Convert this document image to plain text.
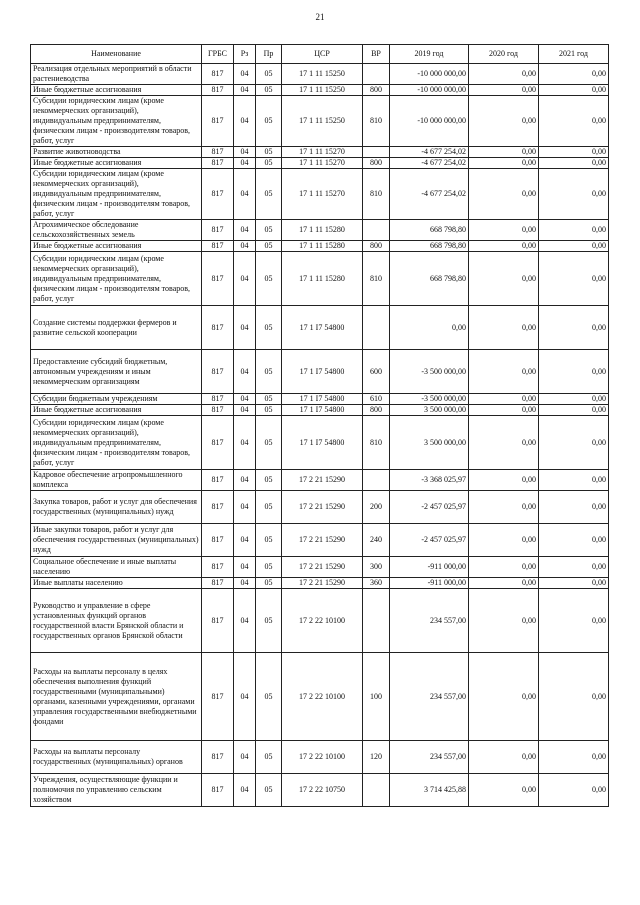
21
Наименование	ГРБС	Рз	Пр	ЦСР	ВР	2019 год	2020 год	2021 год
Реализация отдельных мероприятий в области растениеводства	817	04	05	17 1 11 15250		-10 000 000,00	0,00	0,00
Иные бюджетные ассигнования	817	04	05	17 1 11 15250	800	-10 000 000,00	0,00	0,00
Субсидии юридическим лицам (кроме некоммерческих организаций), индивидуальным предпринимателям, физическим лицам - производителям товаров, работ, услуг	817	04	05	17 1 11 15250	810	-10 000 000,00	0,00	0,00
Развитие животноводства	817	04	05	17 1 11 15270		-4 677 254,02	0,00	0,00
Иные бюджетные ассигнования	817	04	05	17 1 11 15270	800	-4 677 254,02	0,00	0,00
Субсидии юридическим лицам (кроме некоммерческих организаций), индивидуальным предпринимателям, физическим лицам - производителям товаров, работ, услуг	817	04	05	17 1 11 15270	810	-4 677 254,02	0,00	0,00
Агрохимическое обследование сельскохозяйственных земель	817	04	05	17 1 11 15280		668 798,80	0,00	0,00
Иные бюджетные ассигнования	817	04	05	17 1 11 15280	800	668 798,80	0,00	0,00
Субсидии юридическим лицам (кроме некоммерческих организаций), индивидуальным предпринимателям, физическим лицам - производителям товаров, работ, услуг	817	04	05	17 1 11 15280	810	668 798,80	0,00	0,00
Создание системы поддержки фермеров и развитие сельской кооперации	817	04	05	17 1 I7 54800		0,00	0,00	0,00
Предоставление субсидий бюджетным, автономным учреждениям и иным некоммерческим организациям	817	04	05	17 1 I7 54800	600	-3 500 000,00	0,00	0,00
Субсидии бюджетным учреждениям	817	04	05	17 1 I7 54800	610	-3 500 000,00	0,00	0,00
Иные бюджетные ассигнования	817	04	05	17 1 I7 54800	800	3 500 000,00	0,00	0,00
Субсидии юридическим лицам (кроме некоммерческих организаций), индивидуальным предпринимателям, физическим лицам - производителям товаров, работ, услуг	817	04	05	17 1 I7 54800	810	3 500 000,00	0,00	0,00
Кадровое обеспечение агропромышленного комплекса	817	04	05	17 2 21 15290		-3 368 025,97	0,00	0,00
Закупка товаров, работ и услуг для обеспечения государственных (муниципальных) нужд	817	04	05	17 2 21 15290	200	-2 457 025,97	0,00	0,00
Иные закупки товаров, работ и услуг для обеспечения государственных (муниципальных) нужд	817	04	05	17 2 21 15290	240	-2 457 025,97	0,00	0,00
Социальное обеспечение и иные выплаты населению	817	04	05	17 2 21 15290	300	-911 000,00	0,00	0,00
Иные выплаты населению	817	04	05	17 2 21 15290	360	-911 000,00	0,00	0,00
Руководство и управление в сфере установленных функций органов государственной власти Брянской области и государственных органов Брянской области	817	04	05	17 2 22 10100		234 557,00	0,00	0,00
Расходы на выплаты персоналу в целях обеспечения выполнения функций государственными (муниципальными) органами, казенными учреждениями, органами управления государственными внебюджетными фондами	817	04	05	17 2 22 10100	100	234 557,00	0,00	0,00
Расходы на выплаты персоналу государственных (муниципальных) органов	817	04	05	17 2 22 10100	120	234 557,00	0,00	0,00
Учреждения, осуществляющие функции и полномочия по управлению сельским хозяйством	817	04	05	17 2 22 10750		3 714 425,88	0,00	0,00
